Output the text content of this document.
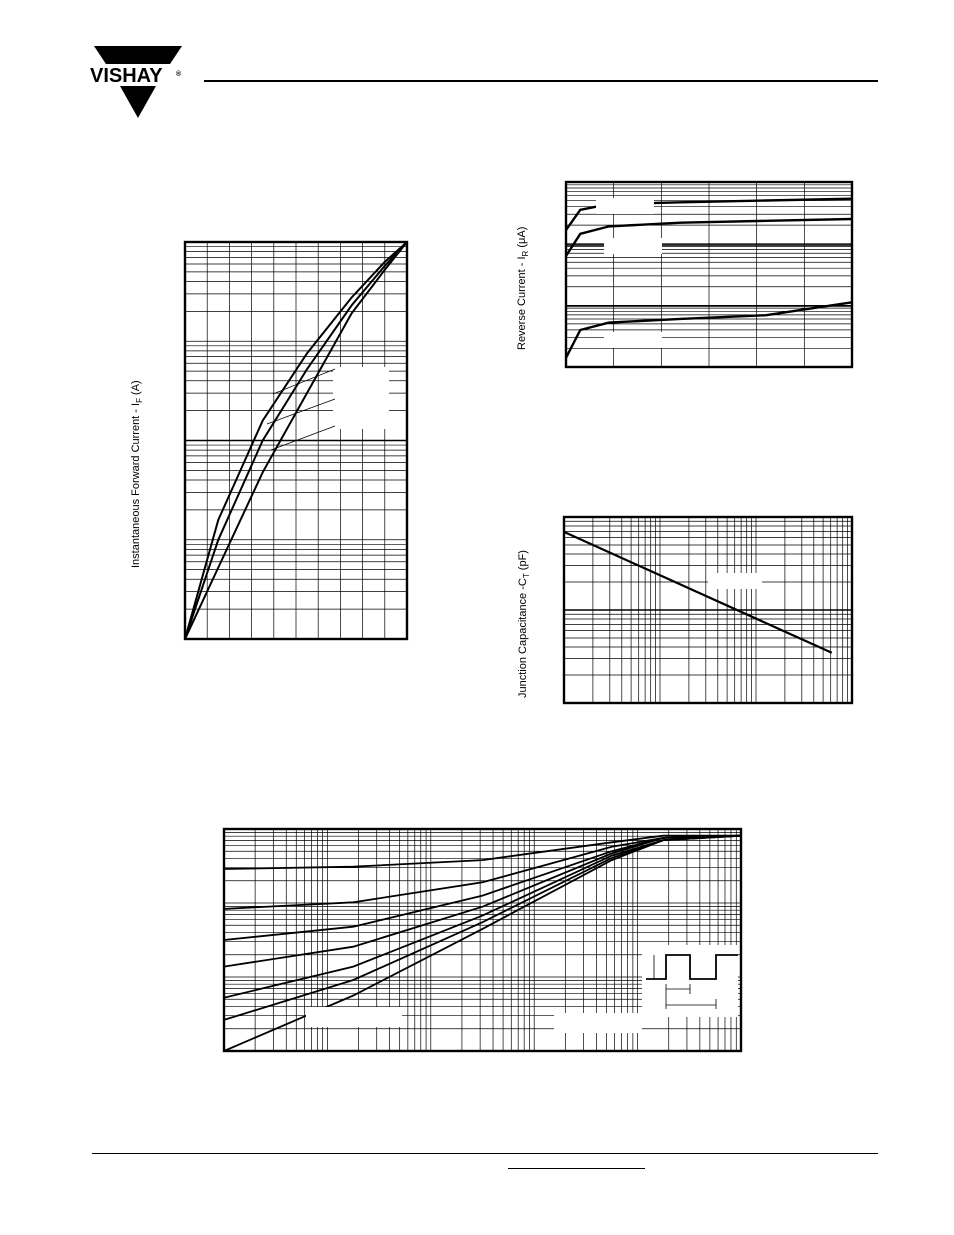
VISHAY ®
Instantaneous Forward Current - $I_F$ (A)
Reverse Current - $I_R$ (μA)
Junction Capacitance $-C_T$ (pF)
